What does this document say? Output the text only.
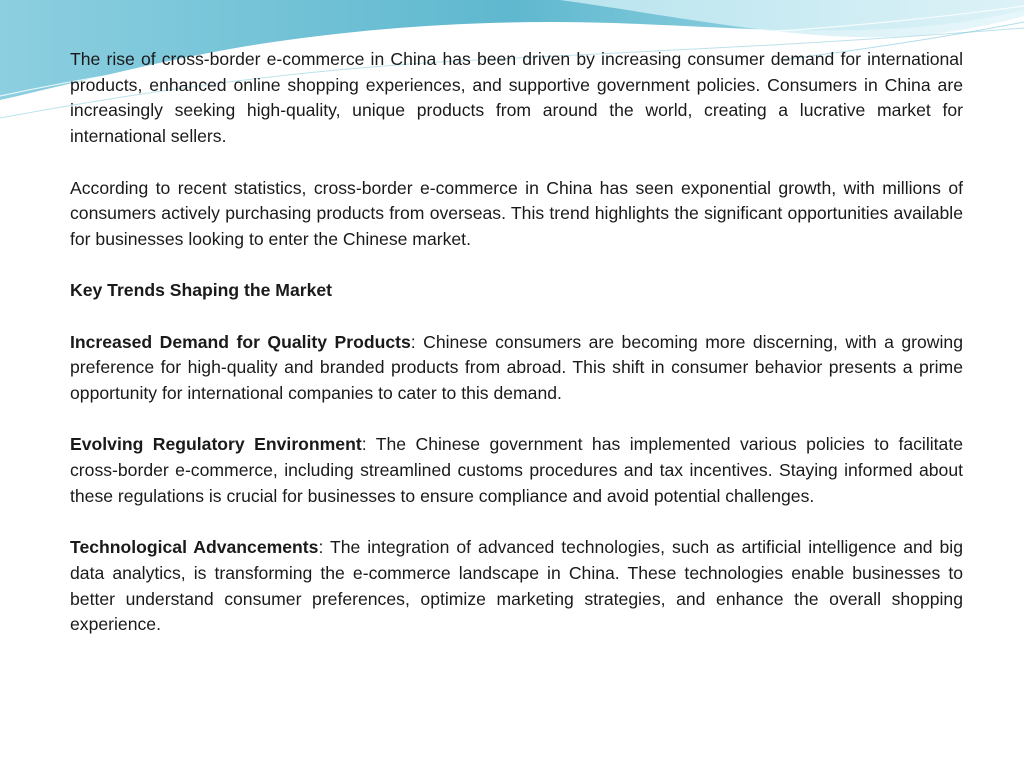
The rise of cross-border e-commerce in China has been driven by increasing consumer demand for international products, enhanced online shopping experiences, and supportive government policies. Consumers in China are increasingly seeking high-quality, unique products from around the world, creating a lucrative market for international sellers.

According to recent statistics, cross-border e-commerce in China has seen exponential growth, with millions of consumers actively purchasing products from overseas. This trend highlights the significant opportunities available for businesses looking to enter the Chinese market.

Key Trends Shaping the Market

Increased Demand for Quality Products: Chinese consumers are becoming more discerning, with a growing preference for high-quality and branded products from abroad. This shift in consumer behavior presents a prime opportunity for international companies to cater to this demand.

Evolving Regulatory Environment: The Chinese government has implemented various policies to facilitate cross-border e-commerce, including streamlined customs procedures and tax incentives. Staying informed about these regulations is crucial for businesses to ensure compliance and avoid potential challenges.

Technological Advancements: The integration of advanced technologies, such as artificial intelligence and big data analytics, is transforming the e-commerce landscape in China. These technologies enable businesses to better understand consumer preferences, optimize marketing strategies, and enhance the overall shopping experience.
